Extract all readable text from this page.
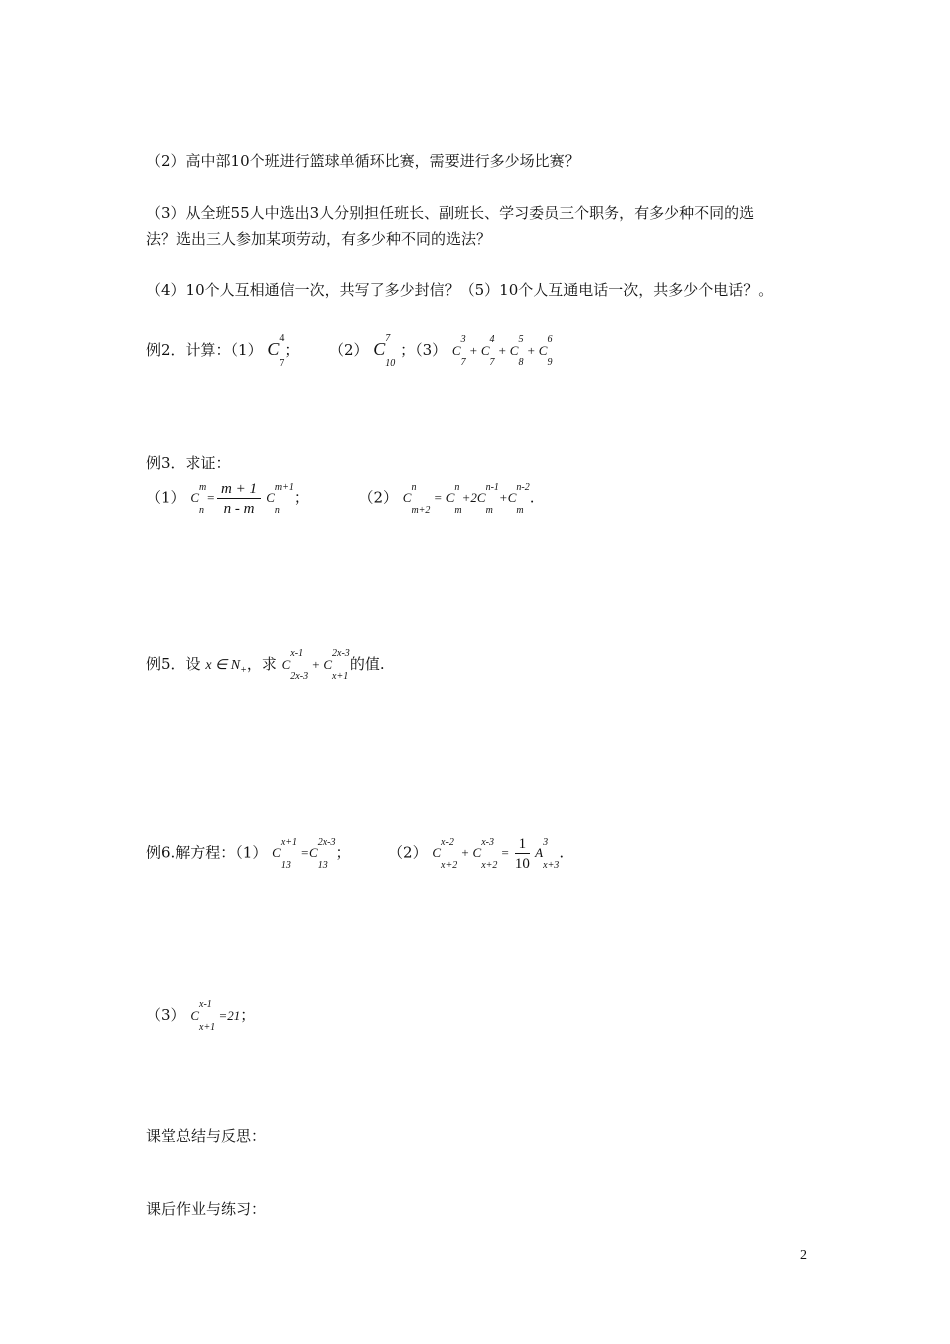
（2）高中部10个班进行篮球单循环比赛，需要进行多少场比赛？
（3）从全班55人中选出3人分别担任班长、副班长、学习委员三个职务，有多少种不同的选
法？选出三人参加某项劳动，有多少种不同的选法？
（4）10个人互相通信一次，共写了多少封信？（5）10个人互通电话一次，共多少个电话？。
例2．计算：（1） $C^4$
$_7$；  （2） $C^7$
$_{10}$ ；（3） $C^3$
$_7 + C^4$
$_7 + C^5$
$_8 + C^6$
$_9$
例3．求证：
（1） $C^m$
$_n= \frac{m + 1}{n - m} C^{m+1}$
$_n$；	（2） $C^n$
$_{m+2} = C^n$
$_m+2C^{n-1}$
$_m+C^{n-2}$
$_m$.
例5．设 x ∈ $N_+$，求 $C^{x-1}$
$_{2x-3} + C^{2x-3}$
$_{x+1}$的值.
例6.解方程：（1） $C^{x+1}$
$_{13} =C^{2x-3}$
$_{13}$；  （2） $C^{x-2}$
$_{x+2} + C^{x-3}$
$_{x+2} = \frac{1}{10} A^3$
$_{x+3}$.
（3） $C^{x-1}$
$_{x+1}$ =21；
课堂总结与反思：
课后作业与练习：
2
